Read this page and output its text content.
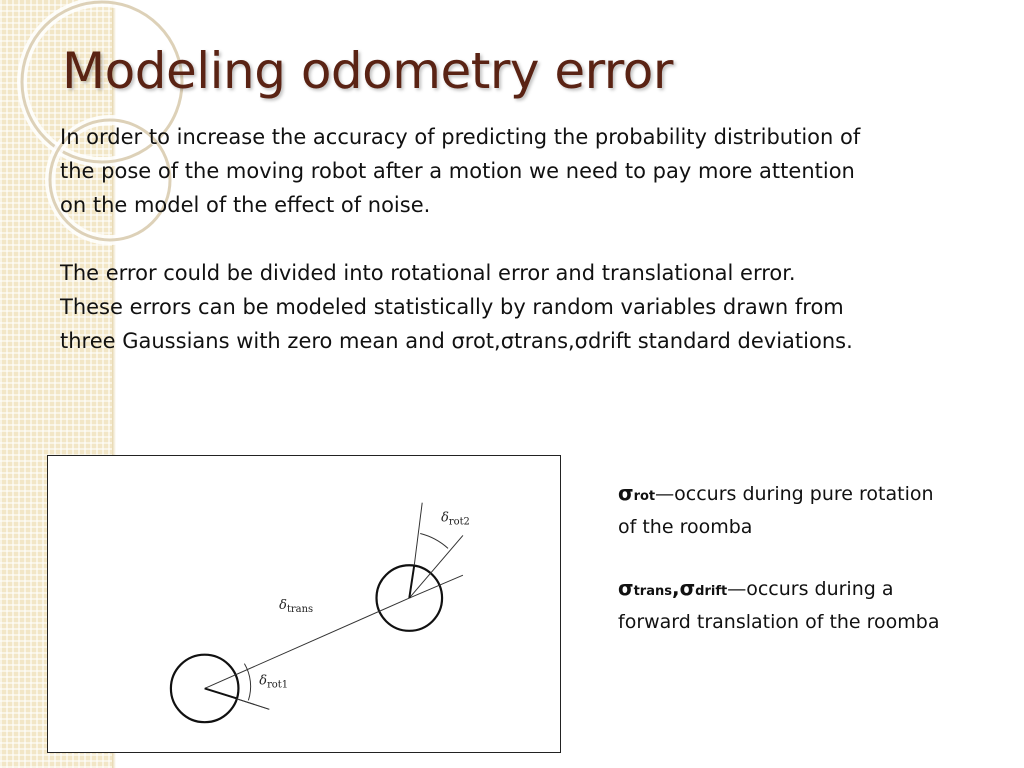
Modeling odometry error

In order to increase the accuracy of predicting the probability distribution of the pose of the moving robot after a motion we need to pay more attention on the model of the effect of noise.

The error could be divided into rotational error and translational error.

These errors can be modeled statistically by random variables drawn from three Gaussians with zero mean and σrot,σtrans,σdrift standard deviations.

$\delta_{rot1}$
$\delta_{trans}$
$\delta_{rot2}$
σrot—occurs during pure rotation of the roomba
σtrans,σdrift—occurs during a forward translation of the roomba
